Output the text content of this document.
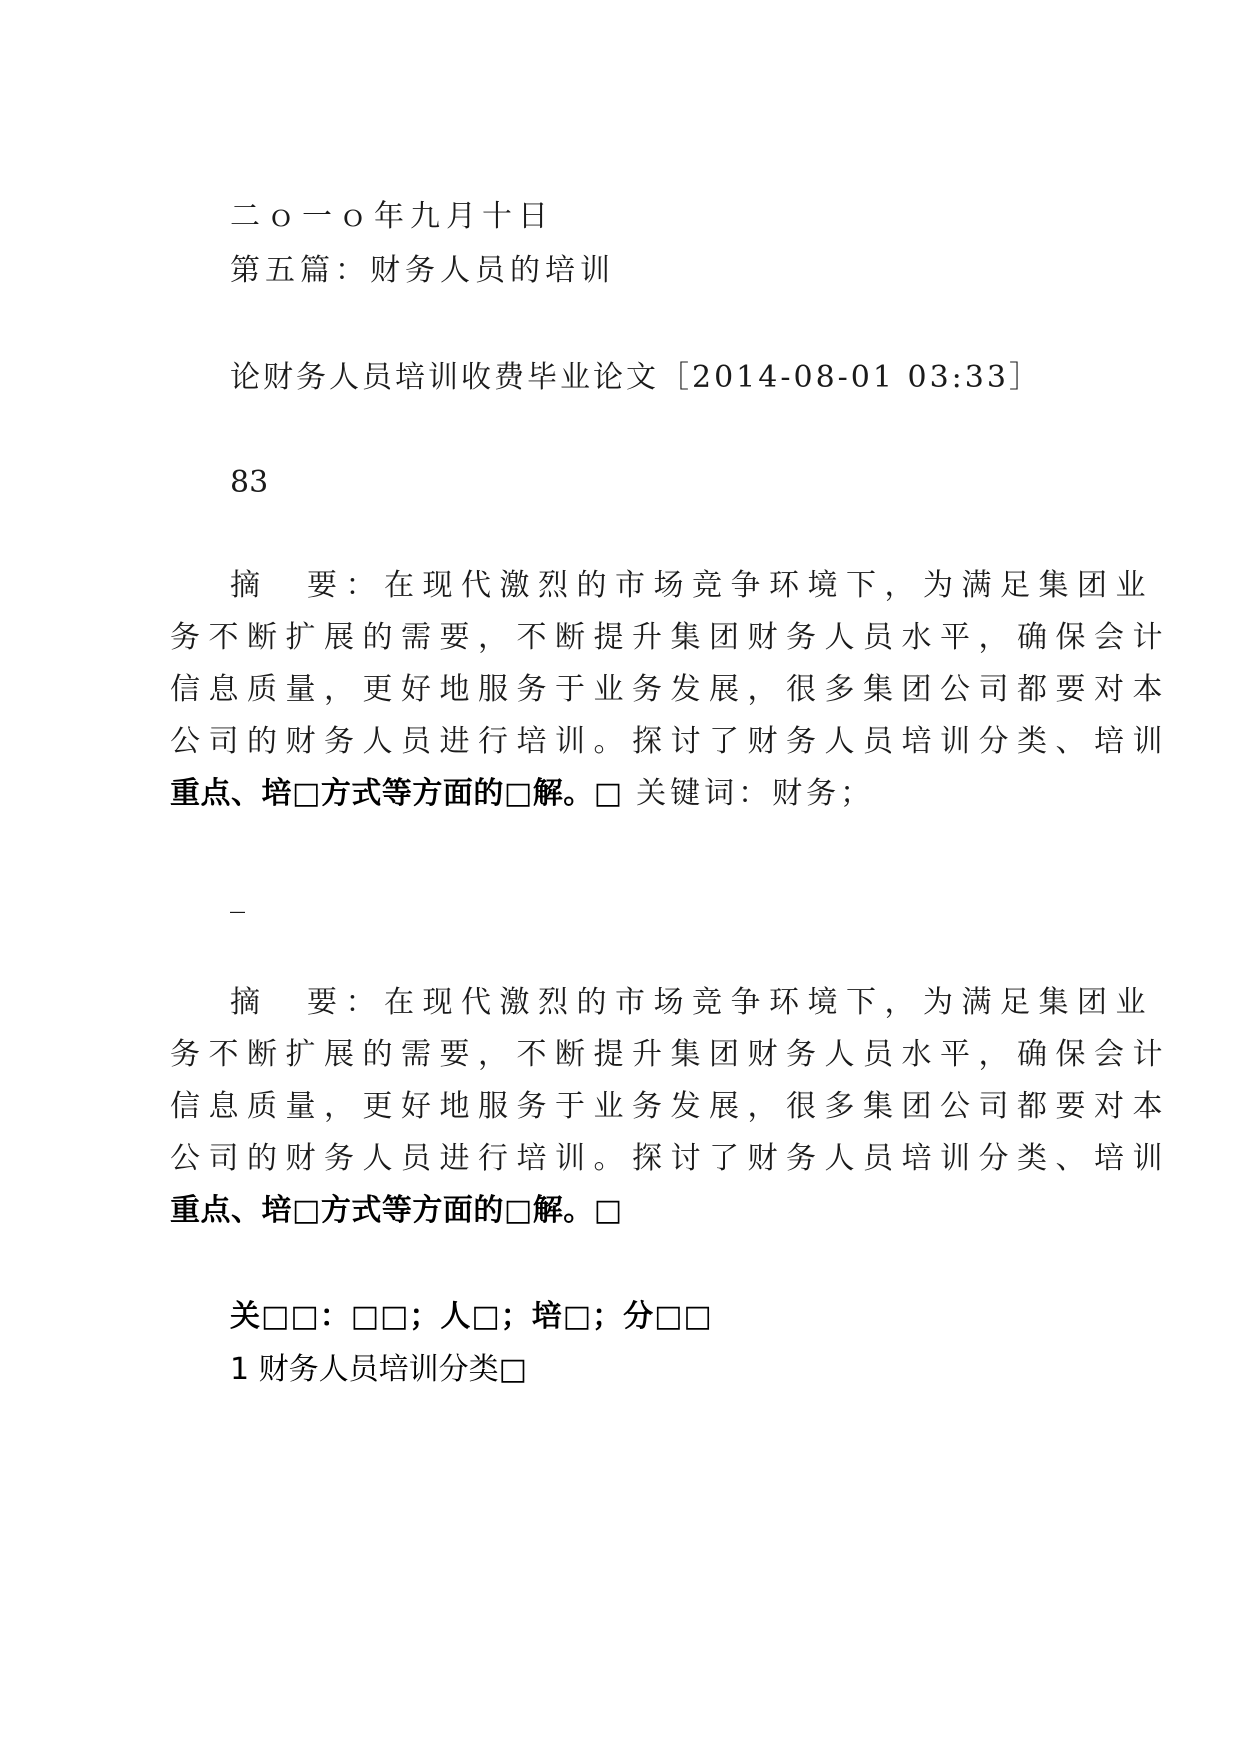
二ｏ一ｏ年九月十日

第五篇：财务人员的培训

论财务人员培训收费毕业论文［2014-08-01 03:33］

83

摘　要：在现代激烈的市场竞争环境下，为满足集团业

务不断扩展的需要，不断提升集团财务人员水平，确保会计

信息质量，更好地服务于业务发展，很多集团公司都要对本

公司的财务人员进行培训。探讨了财务人员培训分类、培训

重点、培□方式等方面的□解。□ 关键词：财务；

_

摘　要：在现代激烈的市场竞争环境下，为满足集团业

务不断扩展的需要，不断提升集团财务人员水平，确保会计

信息质量，更好地服务于业务发展，很多集团公司都要对本

公司的财务人员进行培训。探讨了财务人员培训分类、培训

重点、培□方式等方面的□解。□

关□□：□□；人□；培□；分□□

1 财务人员培训分类□
